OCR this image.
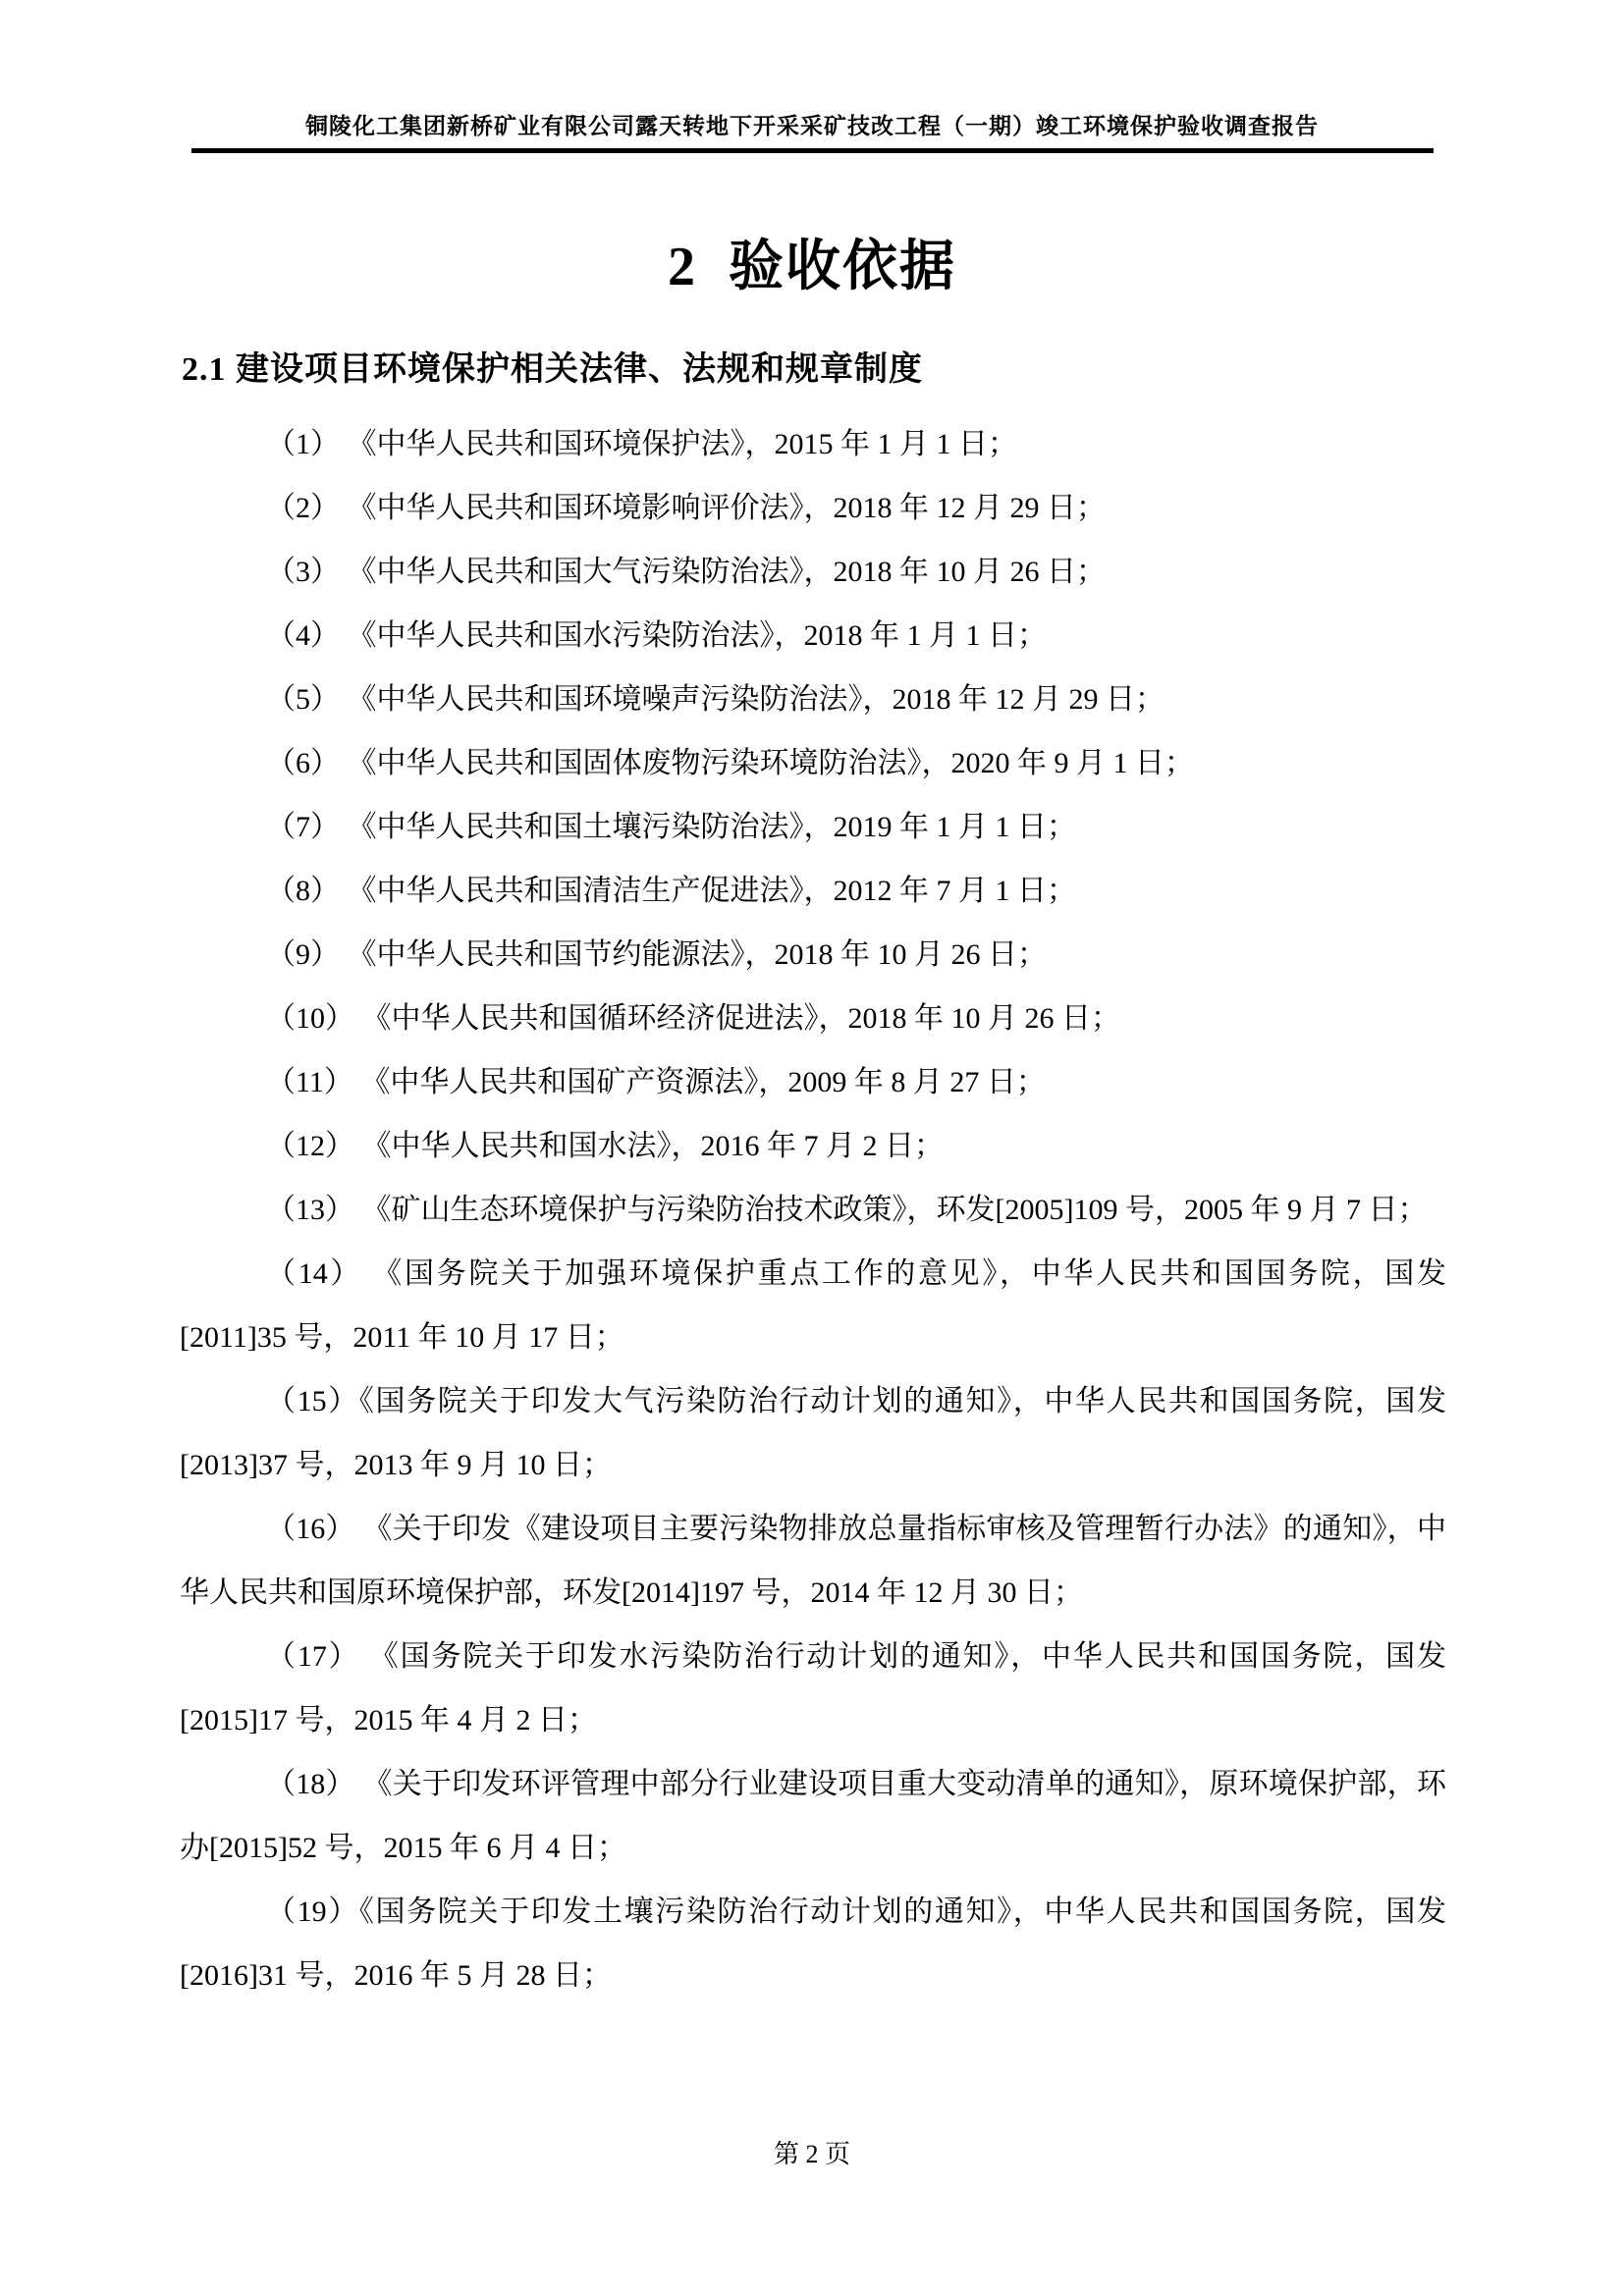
铜陵化工集团新桥矿业有限公司露天转地下开采采矿技改工程（一期）竣工环境保护验收调查报告
2  验收依据
2.1 建设项目环境保护相关法律、法规和规章制度

（1） 《中华人民共和国环境保护法》，2015 年 1 月 1 日；

（2） 《中华人民共和国环境影响评价法》，2018 年 12 月 29 日；

（3） 《中华人民共和国大气污染防治法》，2018 年 10 月 26 日；

（4） 《中华人民共和国水污染防治法》，2018 年 1 月 1 日；

（5） 《中华人民共和国环境噪声污染防治法》，2018 年 12 月 29 日；

（6） 《中华人民共和国固体废物污染环境防治法》，2020 年 9 月 1 日；

（7） 《中华人民共和国土壤污染防治法》，2019 年 1 月 1 日；

（8） 《中华人民共和国清洁生产促进法》，2012 年 7 月 1 日；

（9） 《中华人民共和国节约能源法》，2018 年 10 月 26 日；

（10） 《中华人民共和国循环经济促进法》，2018 年 10 月 26 日；

（11） 《中华人民共和国矿产资源法》，2009 年 8 月 27 日；

（12） 《中华人民共和国水法》，2016 年 7 月 2 日；

（13） 《矿山生态环境保护与污染防治技术政策》，环发[2005]109 号，2005 年 9 月 7 日；

（14） 《国务院关于加强环境保护重点工作的意见》，中华人民共和国国务院，国发[2011]35 号，2011 年 10 月 17 日；

（15）《国务院关于印发大气污染防治行动计划的通知》，中华人民共和国国务院，国发[2013]37 号，2013 年 9 月 10 日；

（16） 《关于印发《建设项目主要污染物排放总量指标审核及管理暂行办法》的通知》，中华人民共和国原环境保护部，环发[2014]197 号，2014 年 12 月 30 日；

（17） 《国务院关于印发水污染防治行动计划的通知》，中华人民共和国国务院，国发[2015]17 号，2015 年 4 月 2 日；

（18） 《关于印发环评管理中部分行业建设项目重大变动清单的通知》，原环境保护部，环办[2015]52 号，2015 年 6 月 4 日；

（19）《国务院关于印发土壤污染防治行动计划的通知》，中华人民共和国国务院，国发[2016]31 号，2016 年 5 月 28 日；

第 2 页
